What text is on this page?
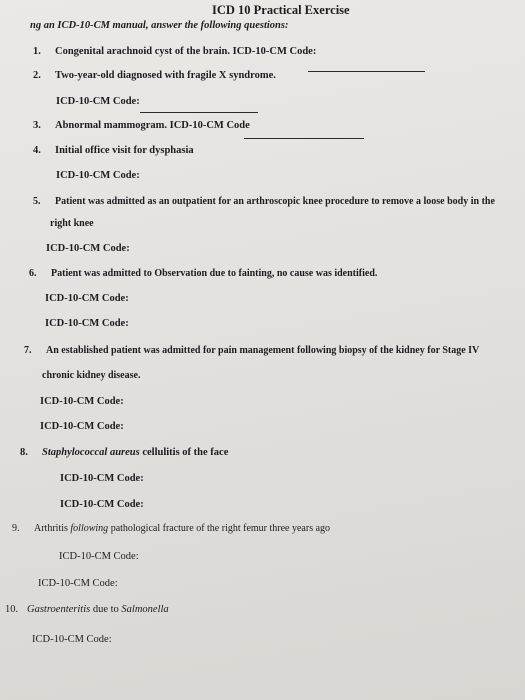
ICD 10 Practical Exercise
ng an ICD-10-CM manual, answer the following questions:
1. Congenital arachnoid cyst of the brain. ICD-10-CM Code:
2. Two-year-old diagnosed with fragile X syndrome.
ICD-10-CM Code:
3. Abnormal mammogram. ICD-10-CM Code
4. Initial office visit for dysphasia
ICD-10-CM Code:
5. Patient was admitted as an outpatient for an arthroscopic knee procedure to remove a loose body in the
right knee
ICD-10-CM Code:
6. Patient was admitted to Observation due to fainting, no cause was identified.
ICD-10-CM Code:
ICD-10-CM Code:
7. An established patient was admitted for pain management following biopsy of the kidney for Stage IV
chronic kidney disease.
ICD-10-CM Code:
ICD-10-CM Code:
8. Staphylococcal aureus cellulitis of the face
ICD-10-CM Code:
ICD-10-CM Code:
9. Arthritis following pathological fracture of the right femur three years ago
ICD-10-CM Code:
ICD-10-CM Code:
10. Gastroenteritis due to Salmonella
ICD-10-CM Code:
